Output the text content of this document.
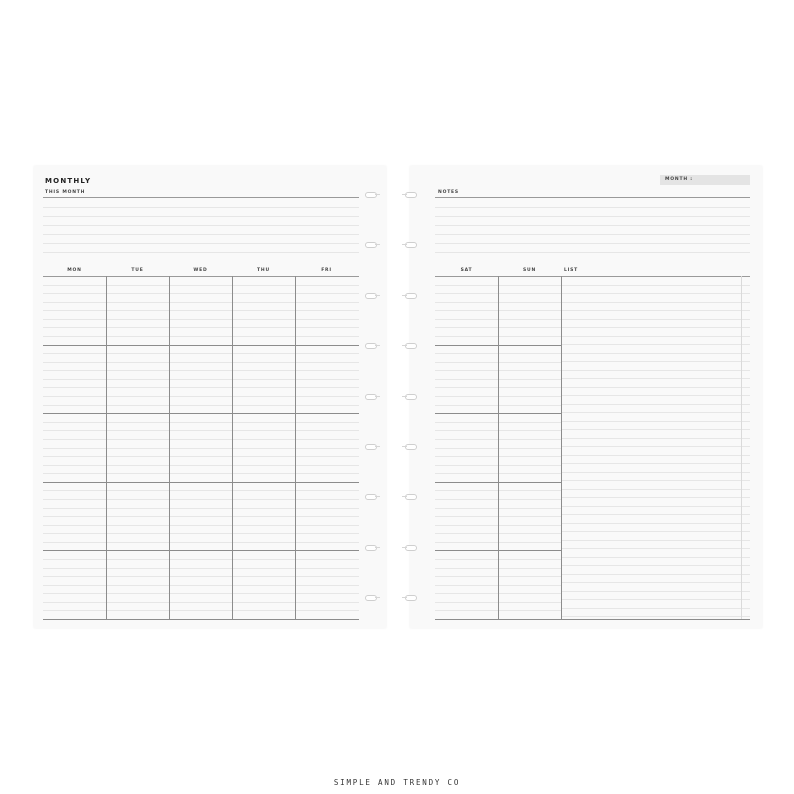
MONTHLY
THIS MONTH
MON	TUE	WED	THU	FRI
MONTH :
NOTES
SAT	SUN	LIST
SIMPLE AND TRENDY CO
